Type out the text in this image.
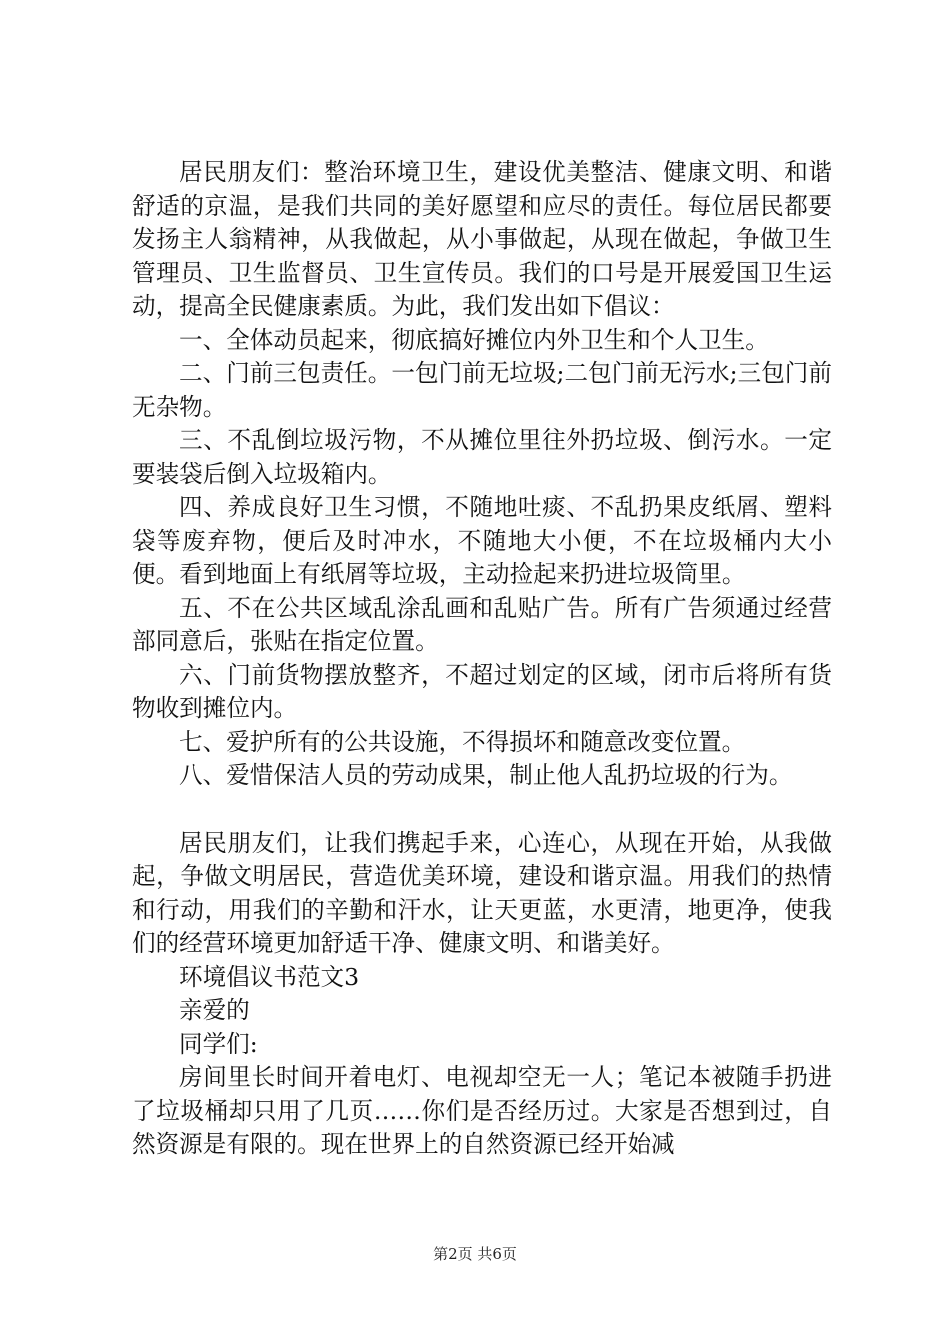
居民朋友们：整治环境卫生，建设优美整洁、健康文明、和谐舒适的京温，是我们共同的美好愿望和应尽的责任。每位居民都要发扬主人翁精神，从我做起，从小事做起，从现在做起，争做卫生管理员、卫生监督员、卫生宣传员。我们的口号是开展爱国卫生运动，提高全民健康素质。为此，我们发出如下倡议：

一、全体动员起来，彻底搞好摊位内外卫生和个人卫生。

二、门前三包责任。一包门前无垃圾;二包门前无污水;三包门前无杂物。

三、不乱倒垃圾污物，不从摊位里往外扔垃圾、倒污水。一定要装袋后倒入垃圾箱内。

四、养成良好卫生习惯，不随地吐痰、不乱扔果皮纸屑、塑料袋等废弃物，便后及时冲水，不随地大小便，不在垃圾桶内大小便。看到地面上有纸屑等垃圾，主动捡起来扔进垃圾筒里。

五、不在公共区域乱涂乱画和乱贴广告。所有广告须通过经营部同意后，张贴在指定位置。

六、门前货物摆放整齐，不超过划定的区域，闭市后将所有货物收到摊位内。

七、爱护所有的公共设施，不得损坏和随意改变位置。

八、爱惜保洁人员的劳动成果，制止他人乱扔垃圾的行为。

居民朋友们，让我们携起手来，心连心，从现在开始，从我做起，争做文明居民，营造优美环境，建设和谐京温。用我们的热情和行动，用我们的辛勤和汗水，让天更蓝，水更清，地更净，使我们的经营环境更加舒适干净、健康文明、和谐美好。

环境倡议书范文3

亲爱的

同学们:

房间里长时间开着电灯、电视却空无一人；笔记本被随手扔进了垃圾桶却只用了几页……你们是否经历过。大家是否想到过，自然资源是有限的。现在世界上的自然资源已经开始减

第2页 共6页
